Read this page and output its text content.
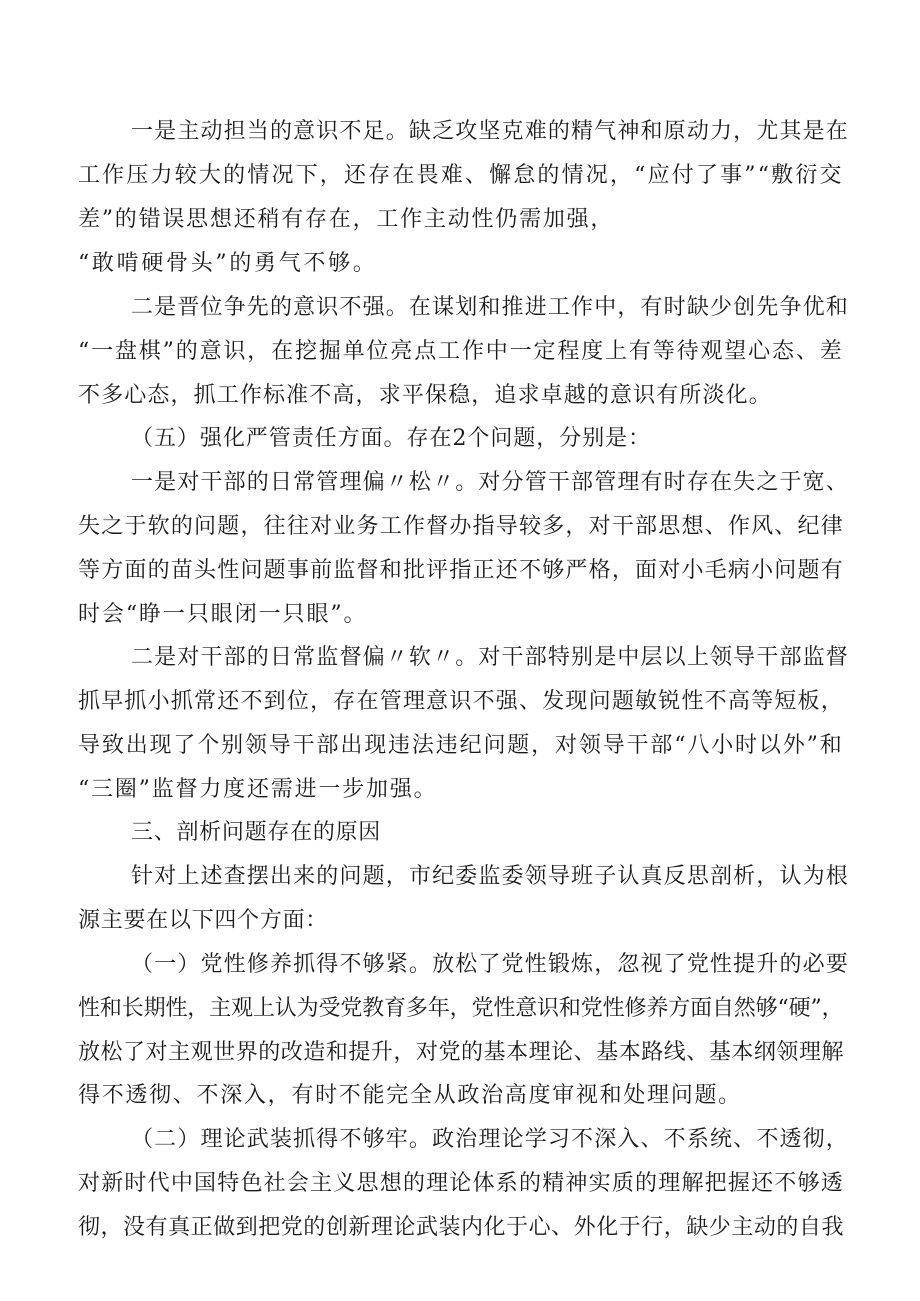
一是主动担当的意识不足。缺乏攻坚克难的精气神和原动力，尤其是在
工作压力较大的情况下，还存在畏难、懈怠的情况，“应付了事”“敷衍交
差”的错误思想还稍有存在，工作主动性仍需加强，
“敢啃硬骨头”的勇气不够。
二是晋位争先的意识不强。在谋划和推进工作中，有时缺少创先争优和
“一盘棋”的意识，在挖掘单位亮点工作中一定程度上有等待观望心态、差
不多心态，抓工作标准不高，求平保稳，追求卓越的意识有所淡化。
（五）强化严管责任方面。存在2个问题，分别是：
一是对干部的日常管理偏〃松〃。对分管干部管理有时存在失之于宽、
失之于软的问题，往往对业务工作督办指导较多，对干部思想、作风、纪律
等方面的苗头性问题事前监督和批评指正还不够严格，面对小毛病小问题有
时会“睁一只眼闭一只眼”。
二是对干部的日常监督偏〃软〃。对干部特别是中层以上领导干部监督
抓早抓小抓常还不到位，存在管理意识不强、发现问题敏锐性不高等短板，
导致出现了个别领导干部出现违法违纪问题，对领导干部“八小时以外”和
“三圈”监督力度还需进一步加强。
三、剖析问题存在的原因
针对上述查摆出来的问题，市纪委监委领导班子认真反思剖析，认为根
源主要在以下四个方面：
（一）党性修养抓得不够紧。放松了党性锻炼，忽视了党性提升的必要
性和长期性，主观上认为受党教育多年，党性意识和党性修养方面自然够“硬”，
放松了对主观世界的改造和提升，对党的基本理论、基本路线、基本纲领理解
得不透彻、不深入，有时不能完全从政治高度审视和处理问题。
（二）理论武装抓得不够牢。政治理论学习不深入、不系统、不透彻，
对新时代中国特色社会主义思想的理论体系的精神实质的理解把握还不够透
彻，没有真正做到把党的创新理论武装内化于心、外化于行，缺少主动的自我
